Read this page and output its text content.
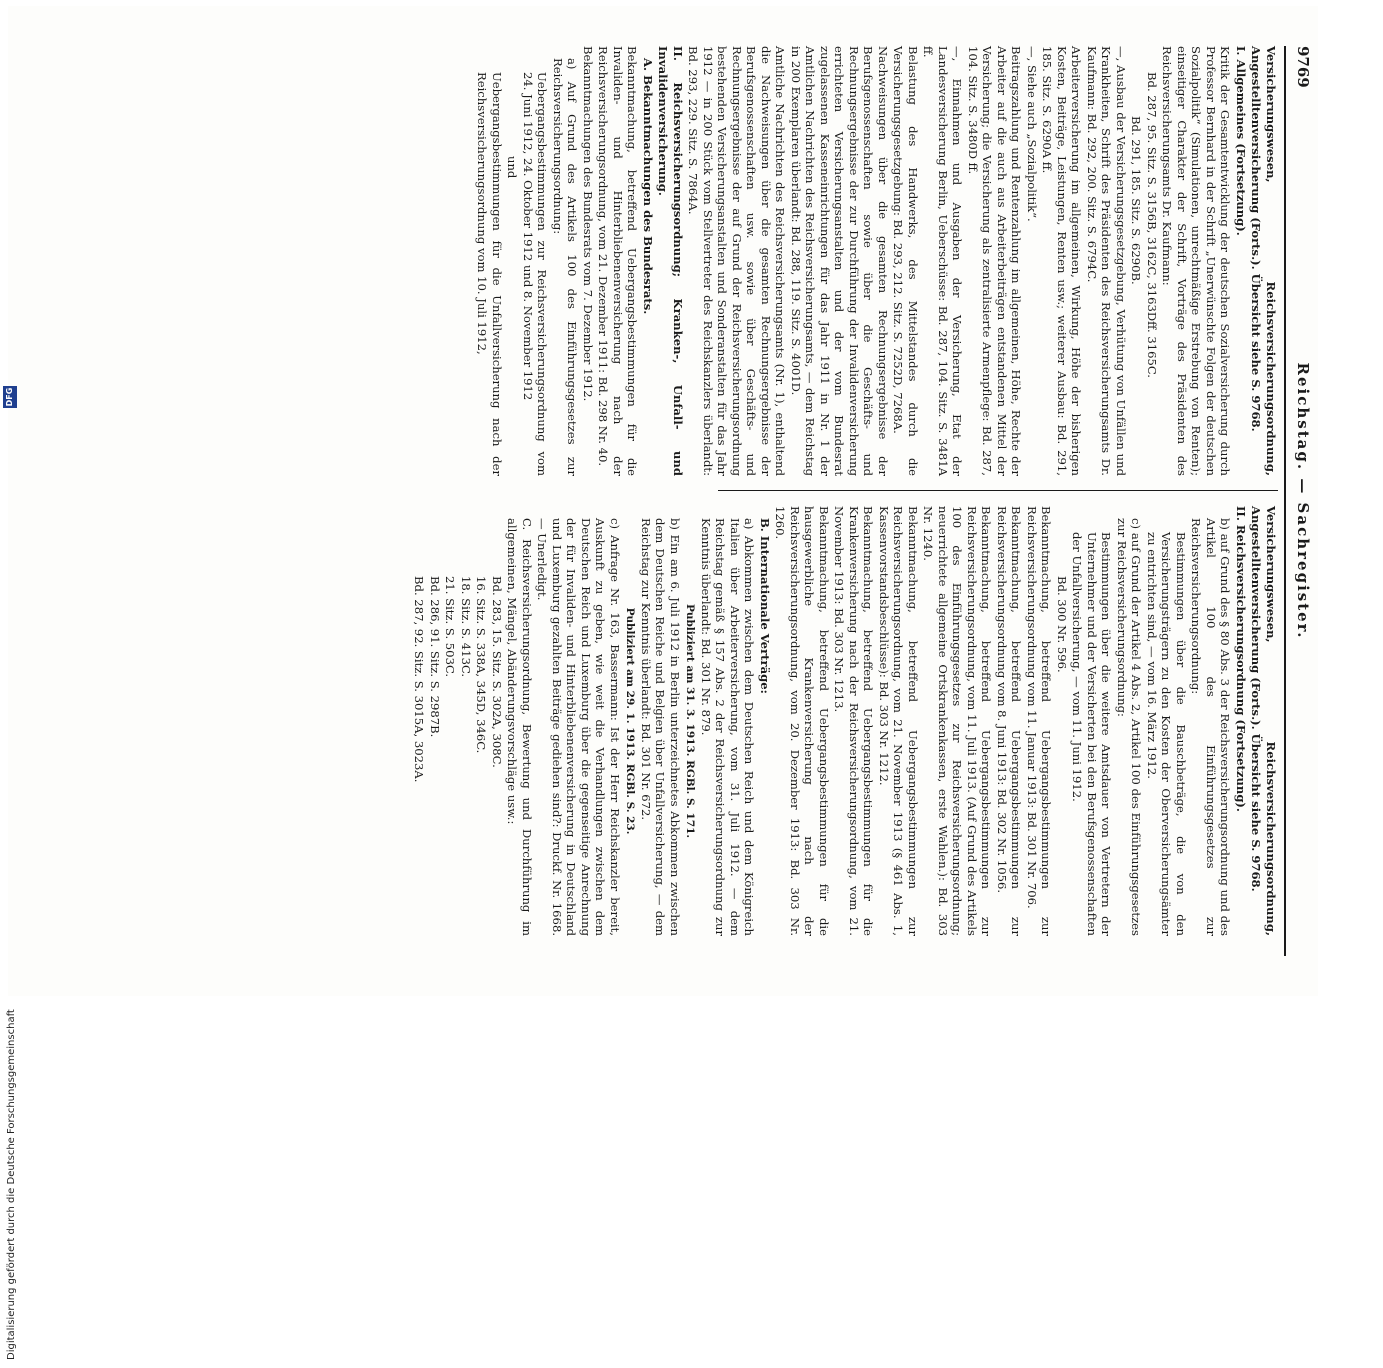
9769
Reichstag. — Sachregister.

Versicherungswesen, Reichsversicherungsordnung, Angestelltenversicherung (Forts.). Übersicht siehe S. 9768.

I. Allgemeines (Fortsetzung).

Kritik der Gesamtentwicklung der deutschen Sozialversicherung durch Professor Bernhard in der Schrift „Unerwünschte Folgen der deutschen Sozialpolitik“ (Simulationen, unrechtmäßige Erstrebung von Renten); einseitiger Charakter der Schrift, Vorträge des Präsidenten des Reichsversicherungsamts Dr. Kaufmann:

Bd. 287, 95. Sitz. S. 3156B, 3162C, 3163Dff. 3165C.

Bd. 291, 185. Sitz. S. 6290B.

—, Ausbau der Versicherungsgesetzgebung, Verhütung von Unfällen und Krankheiten, Schrift des Präsidenten des Reichsversicherungsamts Dr. Kaufmann: Bd. 292, 200. Sitz. S. 6794C.

Arbeiterversicherung im allgemeinen, Wirkung, Höhe der bisherigen Kosten, Beiträge, Leistungen, Renten usw.; weiterer Ausbau: Bd. 291, 185. Sitz. S. 6290A ff.

—, Siehe auch „Sozialpolitik“.

Beitragszahlung und Rentenzahlung im allgemeinen, Höhe, Rechte der Arbeiter auf die auch aus Arbeiterbeiträgen entstandenen Mittel der Versicherung; die Versicherung als zentralisierte Armenpflege: Bd. 287, 104. Sitz. S. 3480D ff.

—, Einnahmen und Ausgaben der Versicherung, Etat der Landesversicherung Berlin, Ueberschüsse: Bd. 287, 104. Sitz. S. 3481A ff.

Belastung des Handwerks, des Mittelstandes durch die Versicherungsgesetzgebung: Bd. 293, 212. Sitz. S. 7252D, 7268A.

Nachweisungen über die gesamten Rechnungsergebnisse der Berufsgenossenschaften sowie über die Geschäfts- und Rechnungsergebnisse der zur Durchführung der Invalidenversicherung errichteten Versicherungsanstalten und der vom Bundesrat zugelassenen Kasseneinrichtungen für das Jahr 1911 in Nr. 1 der Amtlichen Nachrichten des Reichsversicherungsamts, — dem Reichstag in 200 Exemplaren überlandt: Bd. 288, 119. Sitz. S. 4001D.

Amtliche Nachrichten des Reichsversicherungsamts (Nr. 1), enthaltend die Nachweisungen über die gesamten Rechnungsergebnisse der Berufsgenossenschaften usw. sowie über Geschäfts- und Rechnungsergebnisse der auf Grund der Reichsversicherungsordnung bestehenden Versicherungsanstalten und Sonderanstalten für das Jahr 1912 — in 200 Stück vom Stellvertreter des Reichskanzlers überlandt: Bd. 293, 229. Sitz. S. 7864A.

II. Reichsversicherungsordnung; Kranken-, Unfall- und Invalidenversicherung.

A. Bekanntmachungen des Bundesrats.

Bekanntmachung, betreffend Uebergangsbestimmungen für die Invaliden- und Hinterbliebenenversicherung nach der Reichsversicherungsordnung, vom 21. Dezember 1911: Bd. 298 Nr. 40.

Bekanntmachungen des Bundesrats vom 7. Dezember 1912.

a) Auf Grund des Artikels 100 des Einführungsgesetzes zur Reichsversicherungsordnung:

Uebergangsbestimmungen zur Reichsversicherungsordnung vom 24. Juni 1912, 24. Oktober 1912 und 8. November 1912

und

Uebergangsbestimmungen für die Unfallversicherung nach der Reichsversicherungsordnung vom 10. Juli 1912,

Versicherungswesen, Reichsversicherungsordnung, Angestelltenversicherung (Forts.). Übersicht siehe S. 9768.

II. Reichsversicherungsordnung (Fortsetzung).

b) auf Grund des § 80 Abs. 3 der Reichsversicherungsordnung und des Artikel 100 des Einführungsgesetzes zur Reichsversicherungsordnung:

Bestimmungen über die Bauschbeträge, die von den Versicherungsträgern zu den Kosten der Oberversicherungsämter zu entrichten sind, — vom 16. März 1912.

c) auf Grund der Artikel 4 Abs. 2, Artikel 100 des Einführungsgesetzes zur Reichsversicherungsordnung:

Bestimmungen über die weitere Amtsdauer von Vertretern der Unternehmer und der Versicherten bei den Berufsgenossenschaften der Unfallversicherung, — vom 11. Juni 1912.

Bd. 300 Nr. 596.

Bekanntmachung, betreffend Uebergangsbestimmungen zur Reichsversicherungsordnung vom 11. Januar 1913: Bd. 301 Nr. 706.

Bekanntmachung, betreffend Uebergangsbestimmungen zur Reichsversicherungsordnung vom 8. Juni 1913: Bd. 302 Nr. 1056.

Bekanntmachung, betreffend Uebergangsbestimmungen zur Reichsversicherungsordnung, vom 11. Juli 1913. (Auf Grund des Artikels 100 des Einführungsgesetzes zur Reichsversicherungsordnung; neuerrichtete allgemeine Ortskrankenkassen, erste Wahlen.): Bd. 303 Nr. 1240.

Bekanntmachung, betreffend Uebergangsbestimmungen zur Reichsversicherungsordnung, vom 21. November 1913 (§ 461 Abs. 1, Kassenvorstandsbeschlüsse): Bd. 303 Nr. 1212.

Bekanntmachung, betreffend Uebergangsbestimmungen für die Krankenversicherung nach der Reichsversicherungsordnung, vom 21. November 1913: Bd. 303 Nr. 1213.

Bekanntmachung, betreffend Uebergangsbestimmungen für die hausgewerbliche Krankenversicherung nach der Reichsversicherungsordnung, vom 20. Dezember 1913: Bd. 303 Nr. 1260.

B. Internationale Verträge:

a) Abkommen zwischen dem Deutschen Reich und dem Königreich Italien über Arbeiterversicherung, vom 31. Juli 1912. — dem Reichstag gemäß § 157 Abs. 2 der Reichsversicherungsordnung zur Kenntnis überlandt: Bd. 301 Nr. 879.

Publiziert am 31. 3. 1913. RGBl. S. 171.

b) Ein am 6. Juli 1912 in Berlin unterzeichnetes Abkommen zwischen dem Deutschen Reiche und Belgien über Unfallversicherung, — dem Reichstag zur Kenntnis überlandt: Bd. 301 Nr. 672.

Publiziert am 29. 1. 1913. RGBl. S. 23.

c) Anfrage Nr. 163, Bassermann: Ist der Herr Reichskanzler bereit, Auskunft zu geben, wie weit die Verhandlungen zwischen dem Deutschen Reich und Luxemburg über die gegenseitige Anrechnung der für Invaliden- und Hinterbliebenenversicherung in Deutschland und Luxemburg gezahlten Beiträge gediehen sind?: Druckf. Nr. 1668. — Unerledigt.

C. Reichsversicherungsordnung, Bewertung und Durchführung im allgemeinen, Mängel, Abänderungsvorschläge usw.:

Bd. 283, 15. Sitz. S. 302A, 308C.

16. Sitz. S. 338A, 345D, 346C.

18. Sitz. S. 413C.

21. Sitz. S. 503C.

Bd. 286, 91. Sitz. S. 2987B.

Bd. 287, 92. Sitz. S. 3015A, 3023A.

Digitalisierung gefördert durch die Deutsche Forschungsgemeinschaft
DFG
